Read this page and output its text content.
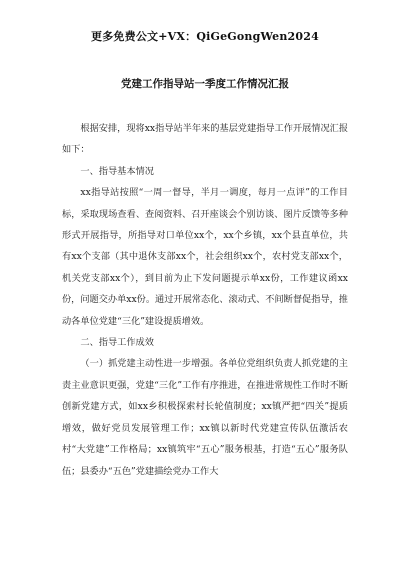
更多免费公文+VX：QiGeGongWen2024
党建工作指导站一季度工作情况汇报

根据安排，现将xx指导站半年来的基层党建指导工作开展情况汇报如下：

一、指导基本情况

xx指导站按照“一周一督导，半月一调度，每月一点评”的工作目标，采取现场查看、查阅资料、召开座谈会个别访谈、图片反馈等多种形式开展指导，所指导对口单位xx个，xx个乡镇，xx个县直单位，共有xx个支部（其中退休支部xx个，社会组织xx个，农村党支部xx个，机关党支部xx个），到目前为止下发问题提示单xx份，工作建议函xx份，问题交办单xx份。通过开展常态化、滚动式、不间断督促指导，推动各单位党建“三化”建设提质增效。

二、指导工作成效

（一）抓党建主动性进一步增强。各单位党组织负责人抓党建的主责主业意识更强，党建“三化”工作有序推进，在推进常规性工作时不断创新党建方式，如xx乡积极探索村长轮值制度；xx镇严把“四关”提质增效，做好党员发展管理工作；xx镇以新时代党建宣传队伍激活农村“大党建”工作格局；xx镇筑牢“五心”服务根基，打造“五心”服务队伍；县委办“五色”党建描绘党办工作大
